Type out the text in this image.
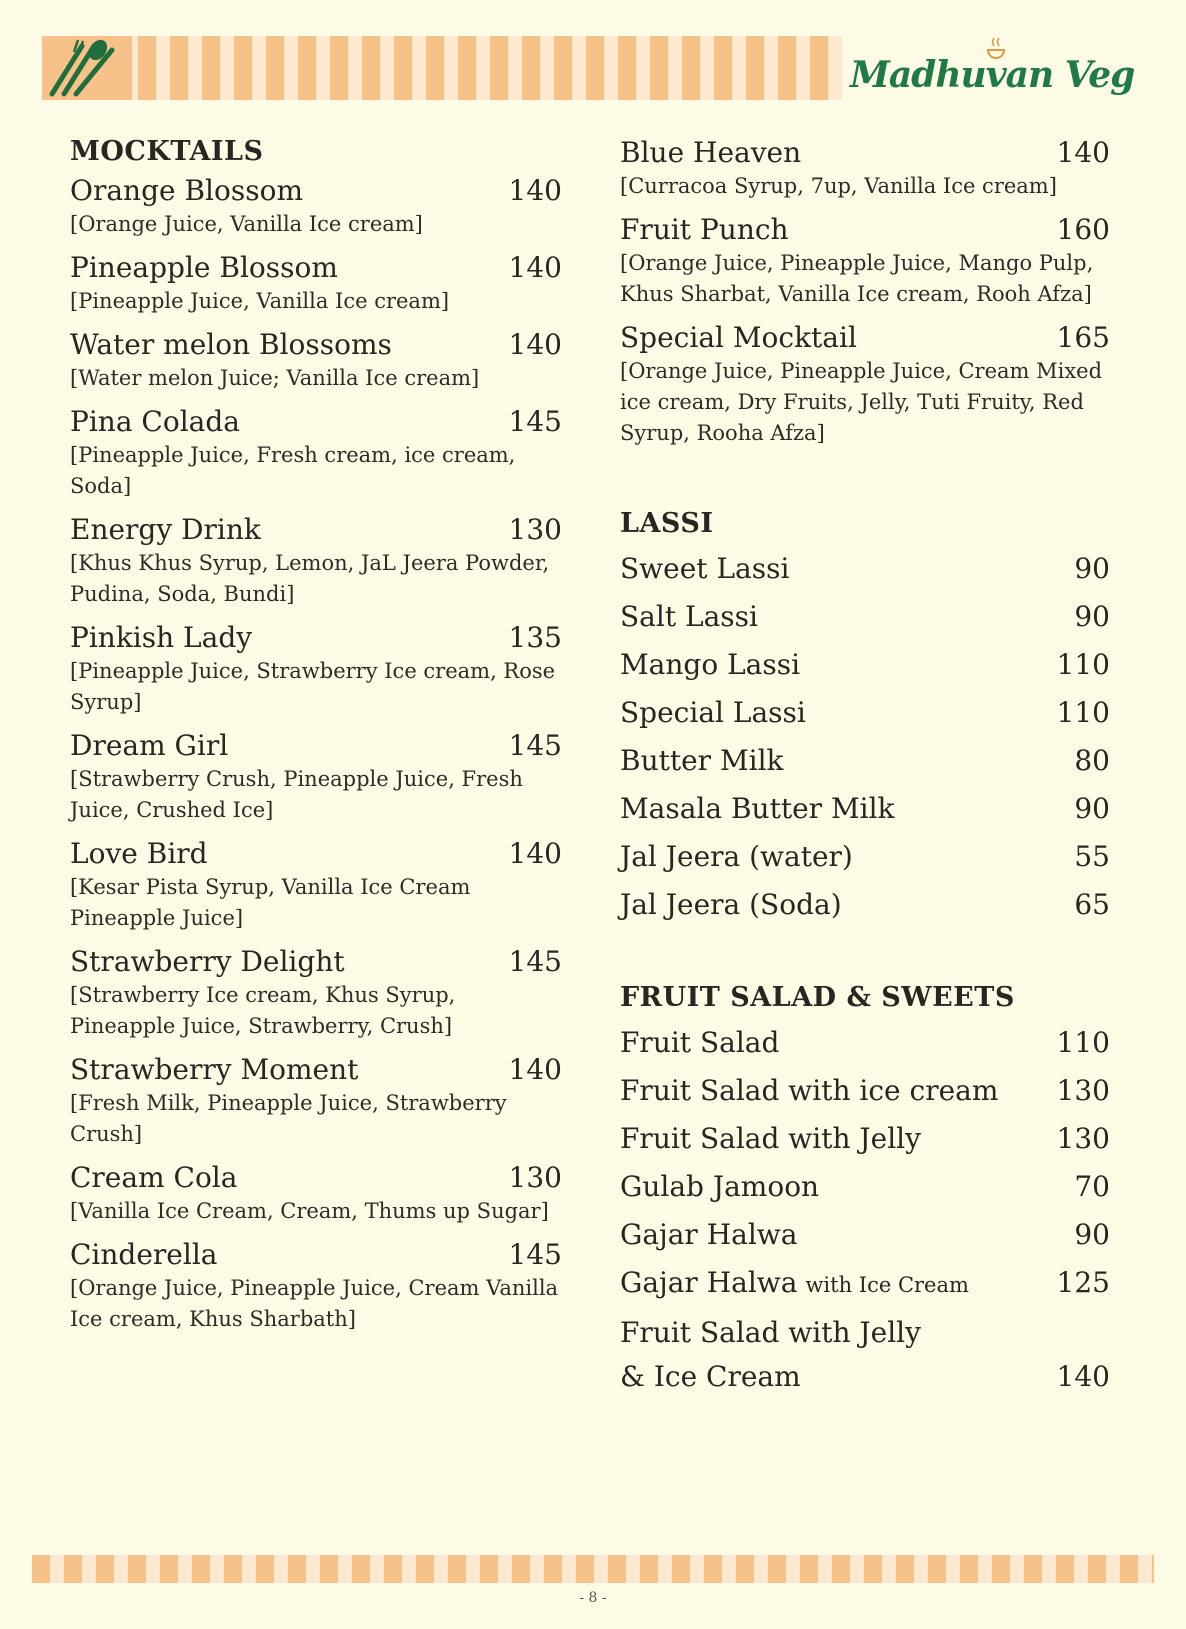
Madhuvan Veg
MOCKTAILS
Orange Blossom	140
[Orange Juice, Vanilla Ice cream]
Pineapple Blossom	140
[Pineapple Juice, Vanilla Ice cream]
Water melon Blossoms	140
[Water melon Juice; Vanilla Ice cream]
Pina Colada	145
[Pineapple Juice, Fresh cream, ice cream, Soda]
Energy Drink	130
[Khus Khus Syrup, Lemon, JaL Jeera Powder, Pudina, Soda, Bundi]
Pinkish Lady	135
[Pineapple Juice, Strawberry Ice cream, Rose Syrup]
Dream Girl	145
[Strawberry Crush, Pineapple Juice, Fresh Juice, Crushed Ice]
Love Bird	140
[Kesar Pista Syrup, Vanilla Ice Cream Pineapple Juice]
Strawberry Delight	145
[Strawberry Ice cream, Khus Syrup, Pineapple Juice, Strawberry, Crush]
Strawberry Moment	140
[Fresh Milk, Pineapple Juice, Strawberry Crush]
Cream Cola	130
[Vanilla Ice Cream, Cream, Thums up Sugar]
Cinderella	145
[Orange Juice, Pineapple Juice, Cream Vanilla Ice cream, Khus Sharbath]
Blue Heaven	140
[Curracoa Syrup, 7up, Vanilla Ice cream]
Fruit Punch	160
[Orange Juice, Pineapple Juice, Mango Pulp, Khus Sharbat, Vanilla Ice cream, Rooh Afza]
Special Mocktail	165
[Orange Juice, Pineapple Juice, Cream Mixed ice cream, Dry Fruits, Jelly, Tuti Fruity, Red Syrup, Rooha Afza]
LASSI
Sweet Lassi	90
Salt Lassi	90
Mango Lassi	110
Special Lassi	110
Butter Milk	80
Masala Butter Milk	90
Jal Jeera (water)	55
Jal Jeera (Soda)	65
FRUIT SALAD & SWEETS
Fruit Salad	110
Fruit Salad with ice cream 130
Fruit Salad with Jelly	130
Gulab Jamoon	70
Gajar Halwa	90
Gajar Halwa with Ice Cream	125
Fruit Salad with Jelly
& Ice Cream	140
- 8 -
